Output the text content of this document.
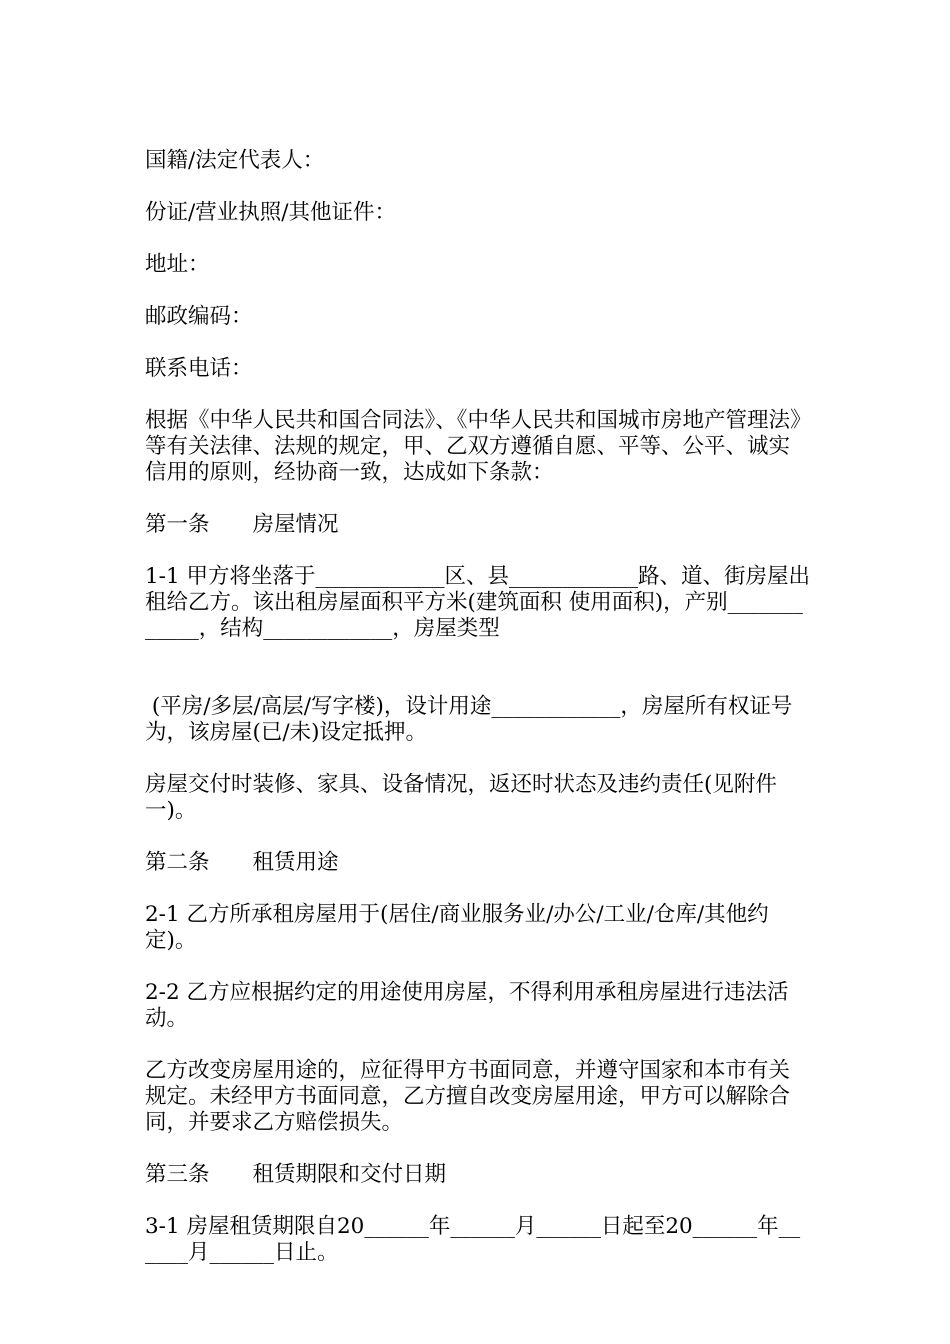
国籍/法定代表人：

份证/营业执照/其他证件：

地址：

邮政编码：

联系电话：

根据《中华人民共和国合同法》、《中华人民共和国城市房地产管理法》等有关法律、法规的规定，甲、乙双方遵循自愿、平等、公平、诚实信用的原则，经协商一致，达成如下条款：

第一条　　房屋情况

1-1 甲方将坐落于____________区、县____________路、道、街房屋出租给乙方。该出租房屋面积平方米(建筑面积 使用面积)，产别____________，结构____________，房屋类型

(平房/多层/高层/写字楼)，设计用途____________，房屋所有权证号为，该房屋(已/未)设定抵押。

房屋交付时装修、家具、设备情况，返还时状态及违约责任(见附件一)。

第二条　　租赁用途

2-1 乙方所承租房屋用于(居住/商业服务业/办公/工业/仓库/其他约定)。

2-2 乙方应根据约定的用途使用房屋，不得利用承租房屋进行违法活动。

乙方改变房屋用途的，应征得甲方书面同意，并遵守国家和本市有关规定。未经甲方书面同意，乙方擅自改变房屋用途，甲方可以解除合同，并要求乙方赔偿损失。

第三条　　租赁期限和交付日期

3-1 房屋租赁期限自20______年______月______日起至20______年______月______日止。
